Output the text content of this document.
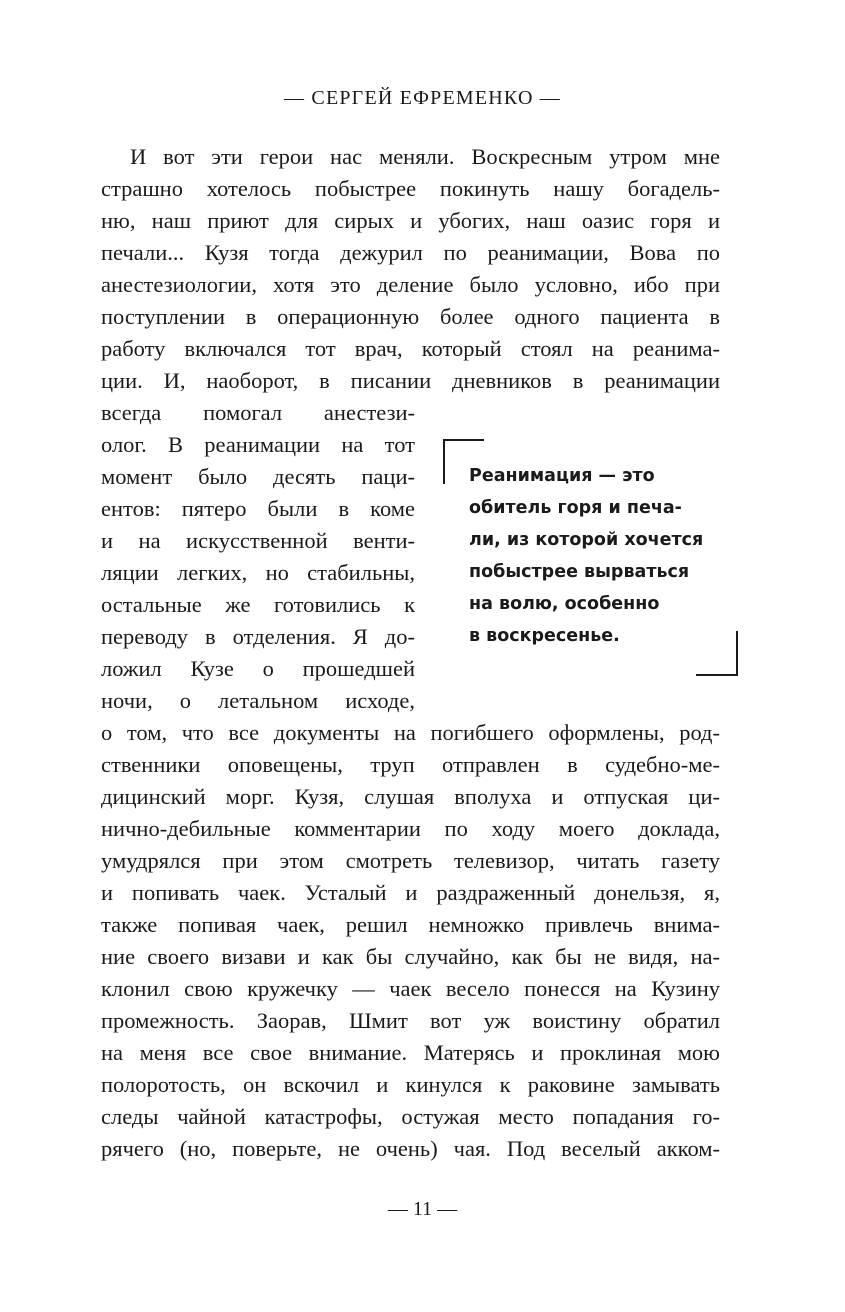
— СЕРГЕЙ ЕФРЕМЕНКО —
И вот эти герои нас меняли. Воскресным утром мне
страшно хотелось побыстрее покинуть нашу богадель-
ню, наш приют для сирых и убогих, наш оазис горя и
печали... Кузя тогда дежурил по реанимации, Вова по
анестезиологии, хотя это деление было условно, ибо при
поступлении в операционную более одного пациента в
работу включался тот врач, который стоял на реанима-
ции. И, наоборот, в писании дневников в реанимации
всегда помогал анестези-
олог. В реанимации на тот
момент было десять паци-
ентов: пятеро были в коме
и на искусственной венти-
ляции легких, но стабильны,
остальные же готовились к
переводу в отделения. Я до-
ложил Кузе о прошедшей
ночи, о летальном исходе,
о том, что все документы на погибшего оформлены, род-
ственники оповещены, труп отправлен в судебно-ме-
дицинский морг. Кузя, слушая вполуха и отпуская ци-
нично-дебильные комментарии по ходу моего доклада,
умудрялся при этом смотреть телевизор, читать газету
и попивать чаек. Усталый и раздраженный донельзя, я,
также попивая чаек, решил немножко привлечь внима-
ние своего визави и как бы случайно, как бы не видя, на-
клонил свою кружечку — чаек весело понесся на Кузину
промежность. Заорав, Шмит вот уж воистину обратил
на меня все свое внимание. Матерясь и проклиная мою
полоротость, он вскочил и кинулся к раковине замывать
следы чайной катастрофы, остужая место попадания го-
рячего (но, поверьте, не очень) чая. Под веселый акком-
Реанимация — это
обитель горя и печа-
ли, из которой хочется
побыстрее вырваться
на волю, особенно
в воскресенье.
— 11 —
